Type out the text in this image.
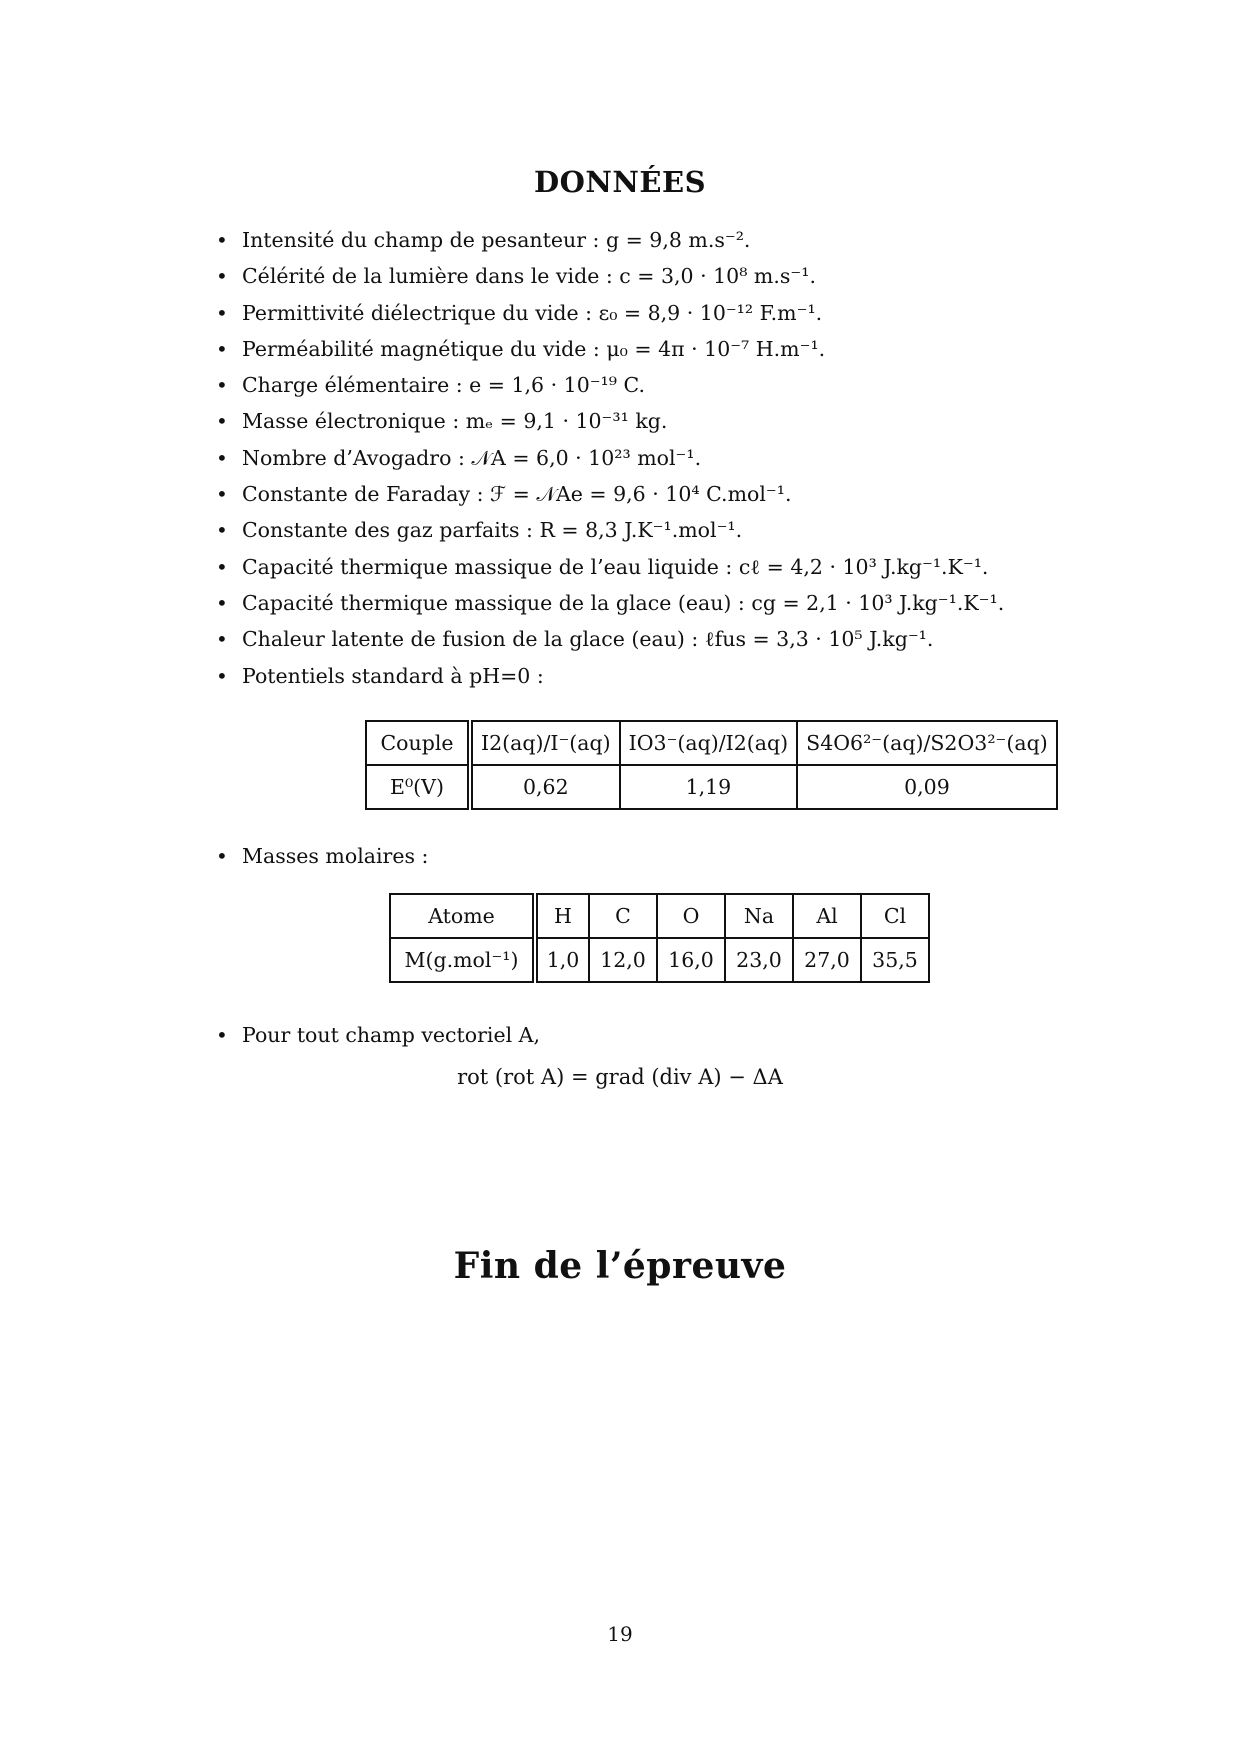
DONNÉES
• Intensité du champ de pesanteur : g = 9,8 m.s⁻².
• Célérité de la lumière dans le vide : c = 3,0 · 10⁸ m.s⁻¹.
• Permittivité diélectrique du vide : ε₀ = 8,9 · 10⁻¹² F.m⁻¹.
• Perméabilité magnétique du vide : μ₀ = 4π · 10⁻⁷ H.m⁻¹.
• Charge élémentaire : e = 1,6 · 10⁻¹⁹ C.
• Masse électronique : mₑ = 9,1 · 10⁻³¹ kg.
• Nombre d’Avogadro : 𝒩A = 6,0 · 10²³ mol⁻¹.
• Constante de Faraday : ℱ = 𝒩Ae = 9,6 · 10⁴ C.mol⁻¹.
• Constante des gaz parfaits : R = 8,3 J.K⁻¹.mol⁻¹.
• Capacité thermique massique de l’eau liquide : cℓ = 4,2 · 10³ J.kg⁻¹.K⁻¹.
• Capacité thermique massique de la glace (eau) : cg = 2,1 · 10³ J.kg⁻¹.K⁻¹.
• Chaleur latente de fusion de la glace (eau) : ℓfus = 3,3 · 10⁵ J.kg⁻¹.
• Potentiels standard à pH=0 :
Couple	I2(aq)/I⁻(aq)	IO3⁻(aq)/I2(aq)	S4O6²⁻(aq)/S2O3²⁻(aq)
E⁰(V)	0,62	1,19	0,09
• Masses molaires :
Atome	H	C	O	Na	Al	Cl
M(g.mol⁻¹)	1,0	12,0	16,0	23,0	27,0	35,5
• Pour tout champ vectoriel A,
rot (rot A) = grad (div A) − ΔA
Fin de l’épreuve
19
